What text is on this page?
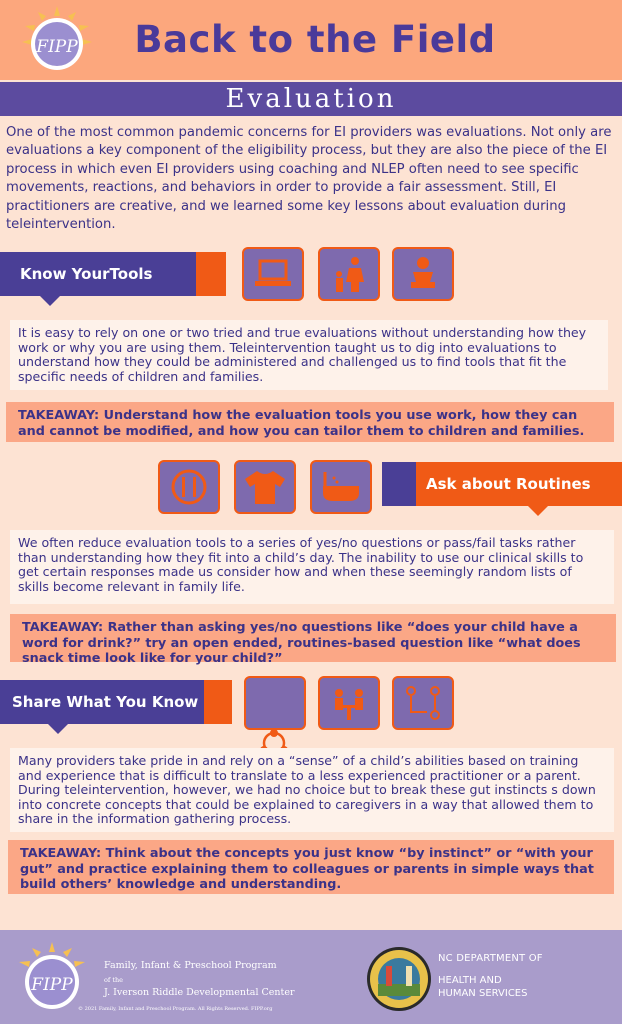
FIPP	Back to the Field
Evaluation
One of the most common pandemic concerns for EI providers was evaluations. Not only are evaluations a key component of the eligibility process, but they are also the piece of the EI process in which even EI providers using coaching and NLEP often need to see specific movements, reactions, and behaviors in order to provide a fair assessment. Still, EI practitioners are creative, and we learned some key lessons about evaluation during teleintervention.
Know YourTools
It is easy to rely on one or two tried and true evaluations without understanding how they work or why you are using them. Teleintervention taught us to dig into evaluations to understand how they could be administered and challenged us to find tools that fit the specific needs of children and families.
TAKEAWAY: Understand how the evaluation tools you use work, how they can and cannot be modified, and how you can tailor them to children and families.
Ask about Routines
We often reduce evaluation tools to a series of yes/no questions or pass/fail tasks rather than understanding how they fit into a child’s day. The inability to use our clinical skills to get certain responses made us consider how and when these seemingly random lists of skills become relevant in family life.
TAKEAWAY: Rather than asking yes/no questions like “does your child have a word for drink?” try an open ended, routines-based question like “what does snack time look like for your child?”
Share What You Know
Many providers take pride in and rely on a “sense” of a child’s abilities based on training and experience that is difficult to translate to a less experienced practitioner or a parent. During teleintervention, however, we had no choice but to break these gut instincts s down into concrete concepts that could be explained to caregivers in a way that allowed them to share in the information gathering process.
TAKEAWAY: Think about the concepts you just know “by instinct” or “with your gut” and practice explaining them to colleagues or parents in simple ways that build others’ knowledge and understanding.
FIPP
Family, Infant & Preschool Program
of the
J. Iverson Riddle Developmental Center
© 2021 Family, Infant and Preschool Program. All Rights Reserved. FIPP.org
NC DEPARTMENT OF
HEALTH AND
HUMAN SERVICES
